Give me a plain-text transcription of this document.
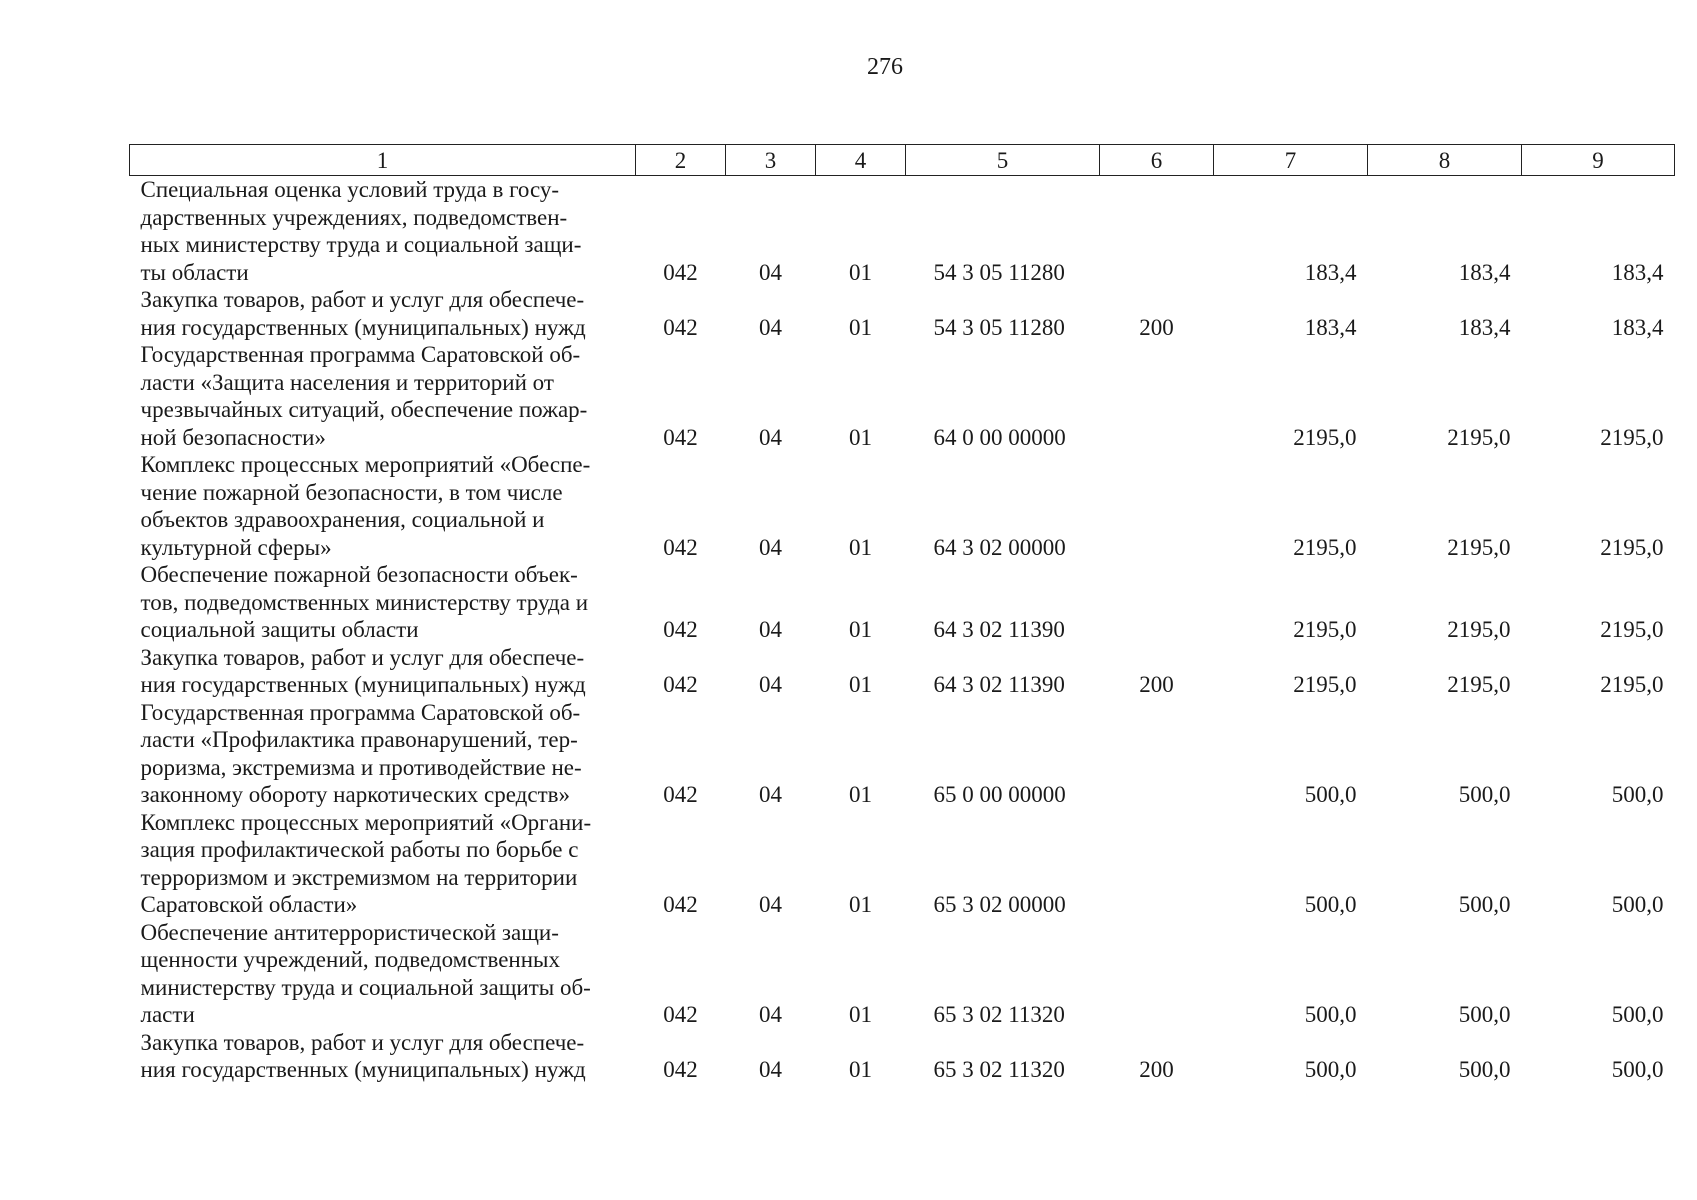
276
1	2	3	4	5	6	7	8	9

Специальная оценка условий труда в госу-
дарственных учреждениях, подведомствен-
ных министерству труда и социальной защи-
ты области	042	04	01	54 3 05 11280		183,4	183,4	183,4

Закупка товаров, работ и услуг для обеспече-
ния государственных (муниципальных) нужд	042	04	01	54 3 05 11280	200	183,4	183,4	183,4

Государственная программа Саратовской об-
ласти «Защита населения и территорий от
чрезвычайных ситуаций, обеспечение пожар-
ной безопасности»	042	04	01	64 0 00 00000		2195,0	2195,0	2195,0

Комплекс процессных мероприятий «Обеспе-
чение пожарной безопасности, в том числе
объектов здравоохранения, социальной и
культурной сферы»	042	04	01	64 3 02 00000		2195,0	2195,0	2195,0

Обеспечение пожарной безопасности объек-
тов, подведомственных министерству труда и
социальной защиты области	042	04	01	64 3 02 11390		2195,0	2195,0	2195,0

Закупка товаров, работ и услуг для обеспече-
ния государственных (муниципальных) нужд	042	04	01	64 3 02 11390	200	2195,0	2195,0	2195,0

Государственная программа Саратовской об-
ласти «Профилактика правонарушений, тер-
роризма, экстремизма и противодействие не-
законному обороту наркотических средств»	042	04	01	65 0 00 00000		500,0	500,0	500,0

Комплекс процессных мероприятий «Органи-
зация профилактической работы по борьбе с
терроризмом и экстремизмом на территории
Саратовской области»	042	04	01	65 3 02 00000		500,0	500,0	500,0

Обеспечение антитеррористической защи-
щенности учреждений, подведомственных
министерству труда и социальной защиты об-
ласти	042	04	01	65 3 02 11320		500,0	500,0	500,0

Закупка товаров, работ и услуг для обеспече-
ния государственных (муниципальных) нужд	042	04	01	65 3 02 11320	200	500,0	500,0	500,0
